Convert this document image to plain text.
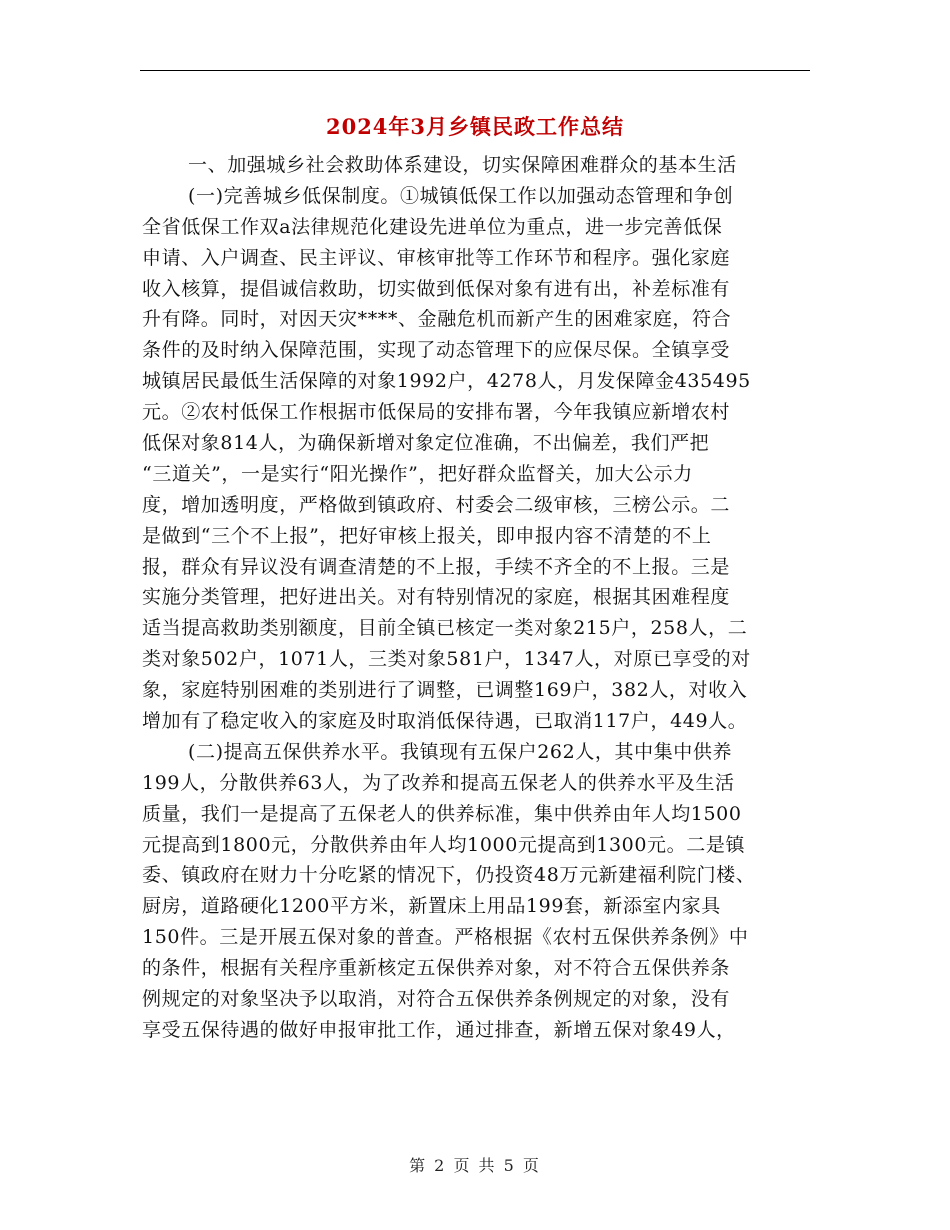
2024年3月乡镇民政工作总结
一、加强城乡社会救助体系建设，切实保障困难群众的基本生活
(一)完善城乡低保制度。①城镇低保工作以加强动态管理和争创
全省低保工作双a法律规范化建设先进单位为重点，进一步完善低保
申请、入户调查、民主评议、审核审批等工作环节和程序。强化家庭
收入核算，提倡诚信救助，切实做到低保对象有进有出，补差标准有
升有降。同时，对因天灾****、金融危机而新产生的困难家庭，符合
条件的及时纳入保障范围，实现了动态管理下的应保尽保。全镇享受
城镇居民最低生活保障的对象1992户，4278人，月发保障金435495
元。②农村低保工作根据市低保局的安排布署，今年我镇应新增农村
低保对象814人，为确保新增对象定位准确，不出偏差，我们严把
“三道关”，一是实行“阳光操作”，把好群众监督关，加大公示力
度，增加透明度，严格做到镇政府、村委会二级审核，三榜公示。二
是做到“三个不上报”，把好审核上报关，即申报内容不清楚的不上
报，群众有异议没有调查清楚的不上报，手续不齐全的不上报。三是
实施分类管理，把好进出关。对有特别情况的家庭，根据其困难程度
适当提高救助类别额度，目前全镇已核定一类对象215户，258人，二
类对象502户，1071人，三类对象581户，1347人，对原已享受的对
象，家庭特别困难的类别进行了调整，已调整169户，382人，对收入
增加有了稳定收入的家庭及时取消低保待遇，已取消117户，449人。
(二)提高五保供养水平。我镇现有五保户262人，其中集中供养
199人，分散供养63人，为了改养和提高五保老人的供养水平及生活
质量，我们一是提高了五保老人的供养标准，集中供养由年人均1500
元提高到1800元，分散供养由年人均1000元提高到1300元。二是镇
委、镇政府在财力十分吃紧的情况下，仍投资48万元新建福利院门楼、
厨房，道路硬化1200平方米，新置床上用品199套，新添室内家具
150件。三是开展五保对象的普查。严格根据《农村五保供养条例》中
的条件，根据有关程序重新核定五保供养对象，对不符合五保供养条
例规定的对象坚决予以取消，对符合五保供养条例规定的对象，没有
享受五保待遇的做好申报审批工作，通过排查，新增五保对象49人，
第 2 页 共 5 页
